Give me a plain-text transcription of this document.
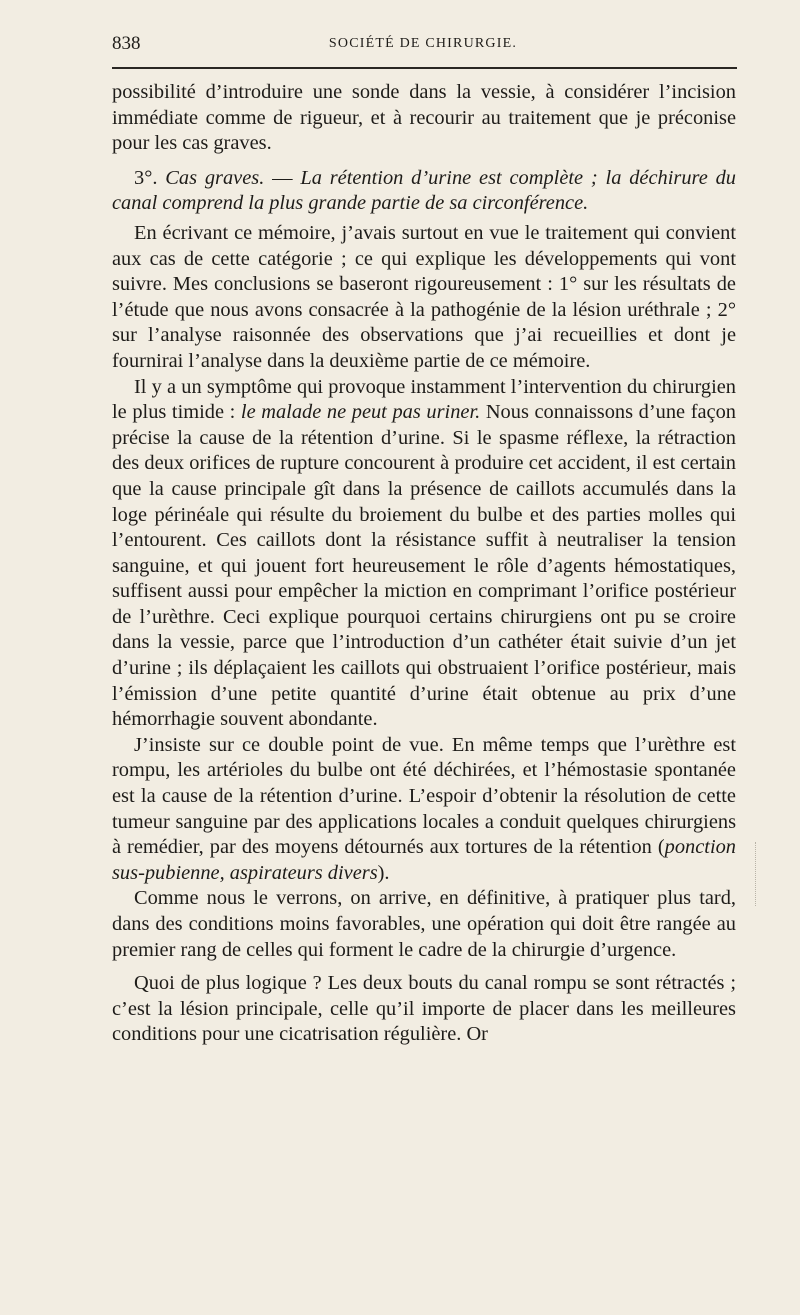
838	SOCIÉTÉ DE CHIRURGIE.

possibilité d’introduire une sonde dans la vessie, à considérer l’incision immédiate comme de rigueur, et à recourir au traitement que je préconise pour les cas graves.

3°. Cas graves. — La rétention d’urine est complète ; la déchirure du canal comprend la plus grande partie de sa circonférence.

En écrivant ce mémoire, j’avais surtout en vue le traitement qui convient aux cas de cette catégorie ; ce qui explique les développements qui vont suivre. Mes conclusions se baseront rigoureusement : 1° sur les résultats de l’étude que nous avons consacrée à la pathogénie de la lésion uréthrale ; 2° sur l’analyse raisonnée des observations que j’ai recueillies et dont je fournirai l’analyse dans la deuxième partie de ce mémoire.

Il y a un symptôme qui provoque instamment l’intervention du chirurgien le plus timide : le malade ne peut pas uriner. Nous connaissons d’une façon précise la cause de la rétention d’urine. Si le spasme réflexe, la rétraction des deux orifices de rupture concourent à produire cet accident, il est certain que la cause principale gît dans la présence de caillots accumulés dans la loge périnéale qui résulte du broiement du bulbe et des parties molles qui l’entourent. Ces caillots dont la résistance suffit à neutraliser la tension sanguine, et qui jouent fort heureusement le rôle d’agents hémostatiques, suffisent aussi pour empêcher la miction en comprimant l’orifice postérieur de l’urèthre. Ceci explique pourquoi certains chirurgiens ont pu se croire dans la vessie, parce que l’introduction d’un cathéter était suivie d’un jet d’urine ; ils déplaçaient les caillots qui obstruaient l’orifice postérieur, mais l’émission d’une petite quantité d’urine était obtenue au prix d’une hémorrhagie souvent abondante.

J’insiste sur ce double point de vue. En même temps que l’urèthre est rompu, les artérioles du bulbe ont été déchirées, et l’hémostasie spontanée est la cause de la rétention d’urine. L’espoir d’obtenir la résolution de cette tumeur sanguine par des applications locales a conduit quelques chirurgiens à remédier, par des moyens détournés aux tortures de la rétention (ponction sus-pubienne, aspirateurs divers).

Comme nous le verrons, on arrive, en définitive, à pratiquer plus tard, dans des conditions moins favorables, une opération qui doit être rangée au premier rang de celles qui forment le cadre de la chirurgie d’urgence.

Quoi de plus logique ? Les deux bouts du canal rompu se sont rétractés ; c’est la lésion principale, celle qu’il importe de placer dans les meilleures conditions pour une cicatrisation régulière. Or
